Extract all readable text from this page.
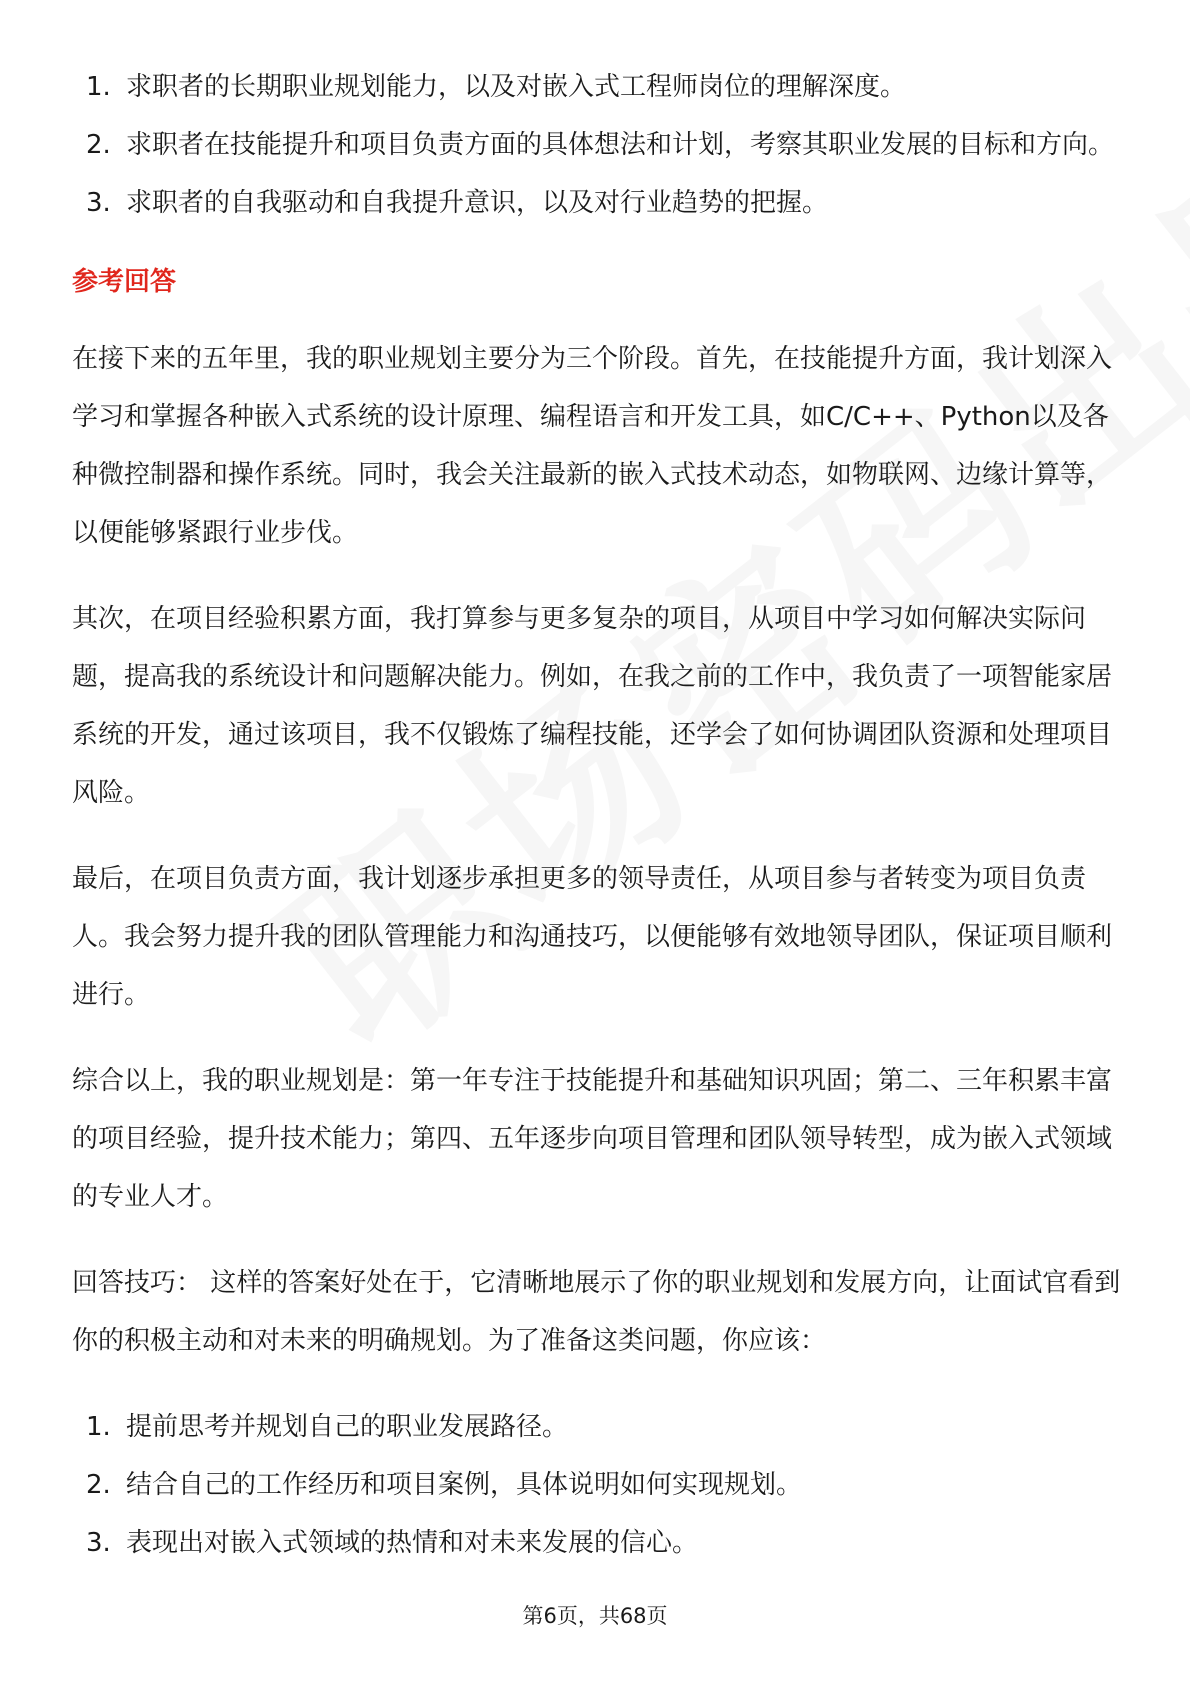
1. 求职者的长期职业规划能力，以及对嵌入式工程师岗位的理解深度。
2. 求职者在技能提升和项目负责方面的具体想法和计划，考察其职业发展的目标和方向。
3. 求职者的自我驱动和自我提升意识，以及对行业趋势的把握。
参考回答

在接下来的五年里，我的职业规划主要分为三个阶段。首先，在技能提升方面，我计划深入学习和掌握各种嵌入式系统的设计原理、编程语言和开发工具，如C/C++、Python以及各种微控制器和操作系统。同时，我会关注最新的嵌入式技术动态，如物联网、边缘计算等，以便能够紧跟行业步伐。

其次，在项目经验积累方面，我打算参与更多复杂的项目，从项目中学习如何解决实际问题，提高我的系统设计和问题解决能力。例如，在我之前的工作中，我负责了一项智能家居系统的开发，通过该项目，我不仅锻炼了编程技能，还学会了如何协调团队资源和处理项目风险。

最后，在项目负责方面，我计划逐步承担更多的领导责任，从项目参与者转变为项目负责人。我会努力提升我的团队管理能力和沟通技巧，以便能够有效地领导团队，保证项目顺利进行。

综合以上，我的职业规划是：第一年专注于技能提升和基础知识巩固；第二、三年积累丰富的项目经验，提升技术能力；第四、五年逐步向项目管理和团队领导转型，成为嵌入式领域的专业人才。

回答技巧： 这样的答案好处在于，它清晰地展示了你的职业规划和发展方向，让面试官看到你的积极主动和对未来的明确规划。为了准备这类问题，你应该：

1. 提前思考并规划自己的职业发展路径。
2. 结合自己的工作经历和项目案例，具体说明如何实现规划。
3. 表现出对嵌入式领域的热情和对未来发展的信心。
第6页，共68页
